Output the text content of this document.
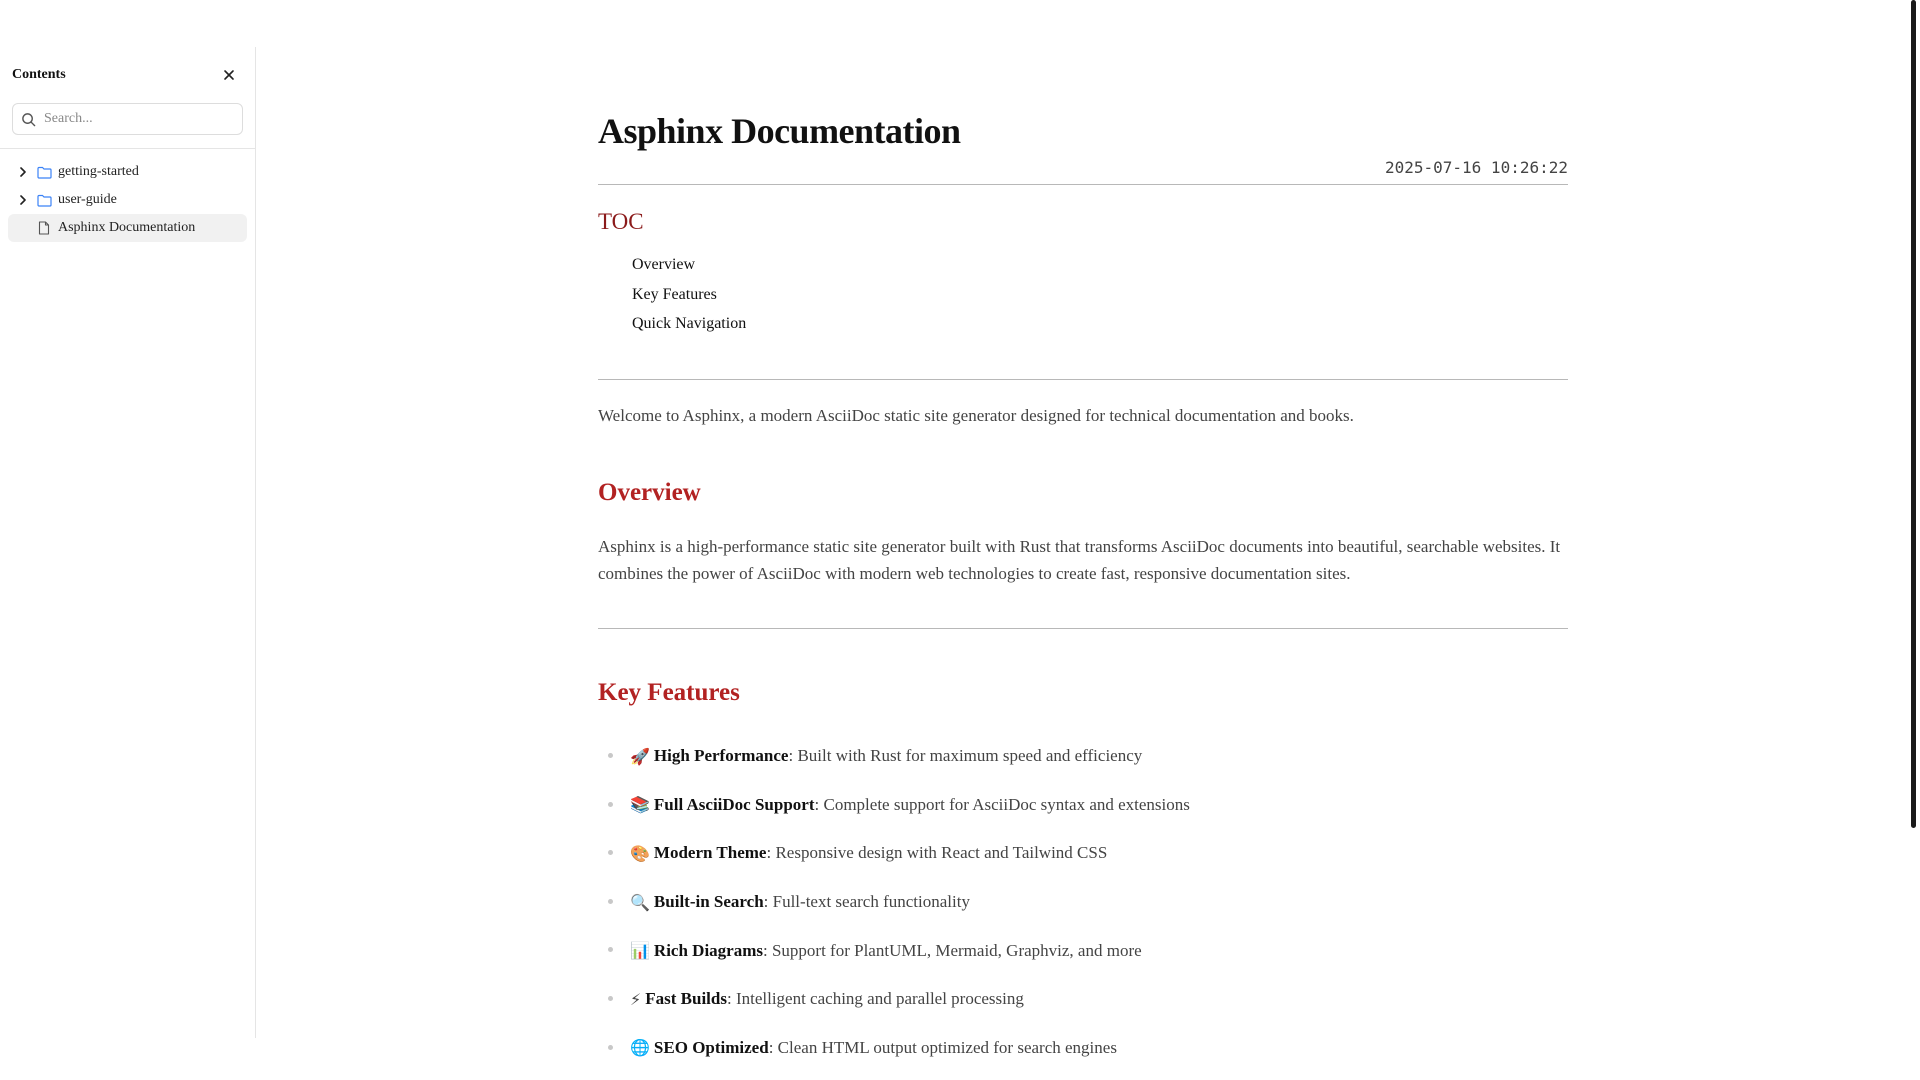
Contents
Search...
getting-started
user-guide
Asphinx Documentation
Asphinx Documentation
2025-07-16 10:26:22
TOC
Overview
Key Features
Quick Navigation

Welcome to Asphinx, a modern AsciiDoc static site generator designed for technical documentation and books.

Overview

Asphinx is a high-performance static site generator built with Rust that transforms AsciiDoc documents into beautiful, searchable websites. It combines the power of AsciiDoc with modern web technologies to create fast, responsive documentation sites.

Key Features
🚀 High Performance : Built with Rust for maximum speed and efficiency
📚 Full AsciiDoc Support : Complete support for AsciiDoc syntax and extensions
🎨 Modern Theme : Responsive design with React and Tailwind CSS
🔍 Built-in Search : Full-text search functionality
📊 Rich Diagrams : Support for PlantUML, Mermaid, Graphviz, and more
⚡ Fast Builds : Intelligent caching and parallel processing
🌐 SEO Optimized : Clean HTML output optimized for search engines
